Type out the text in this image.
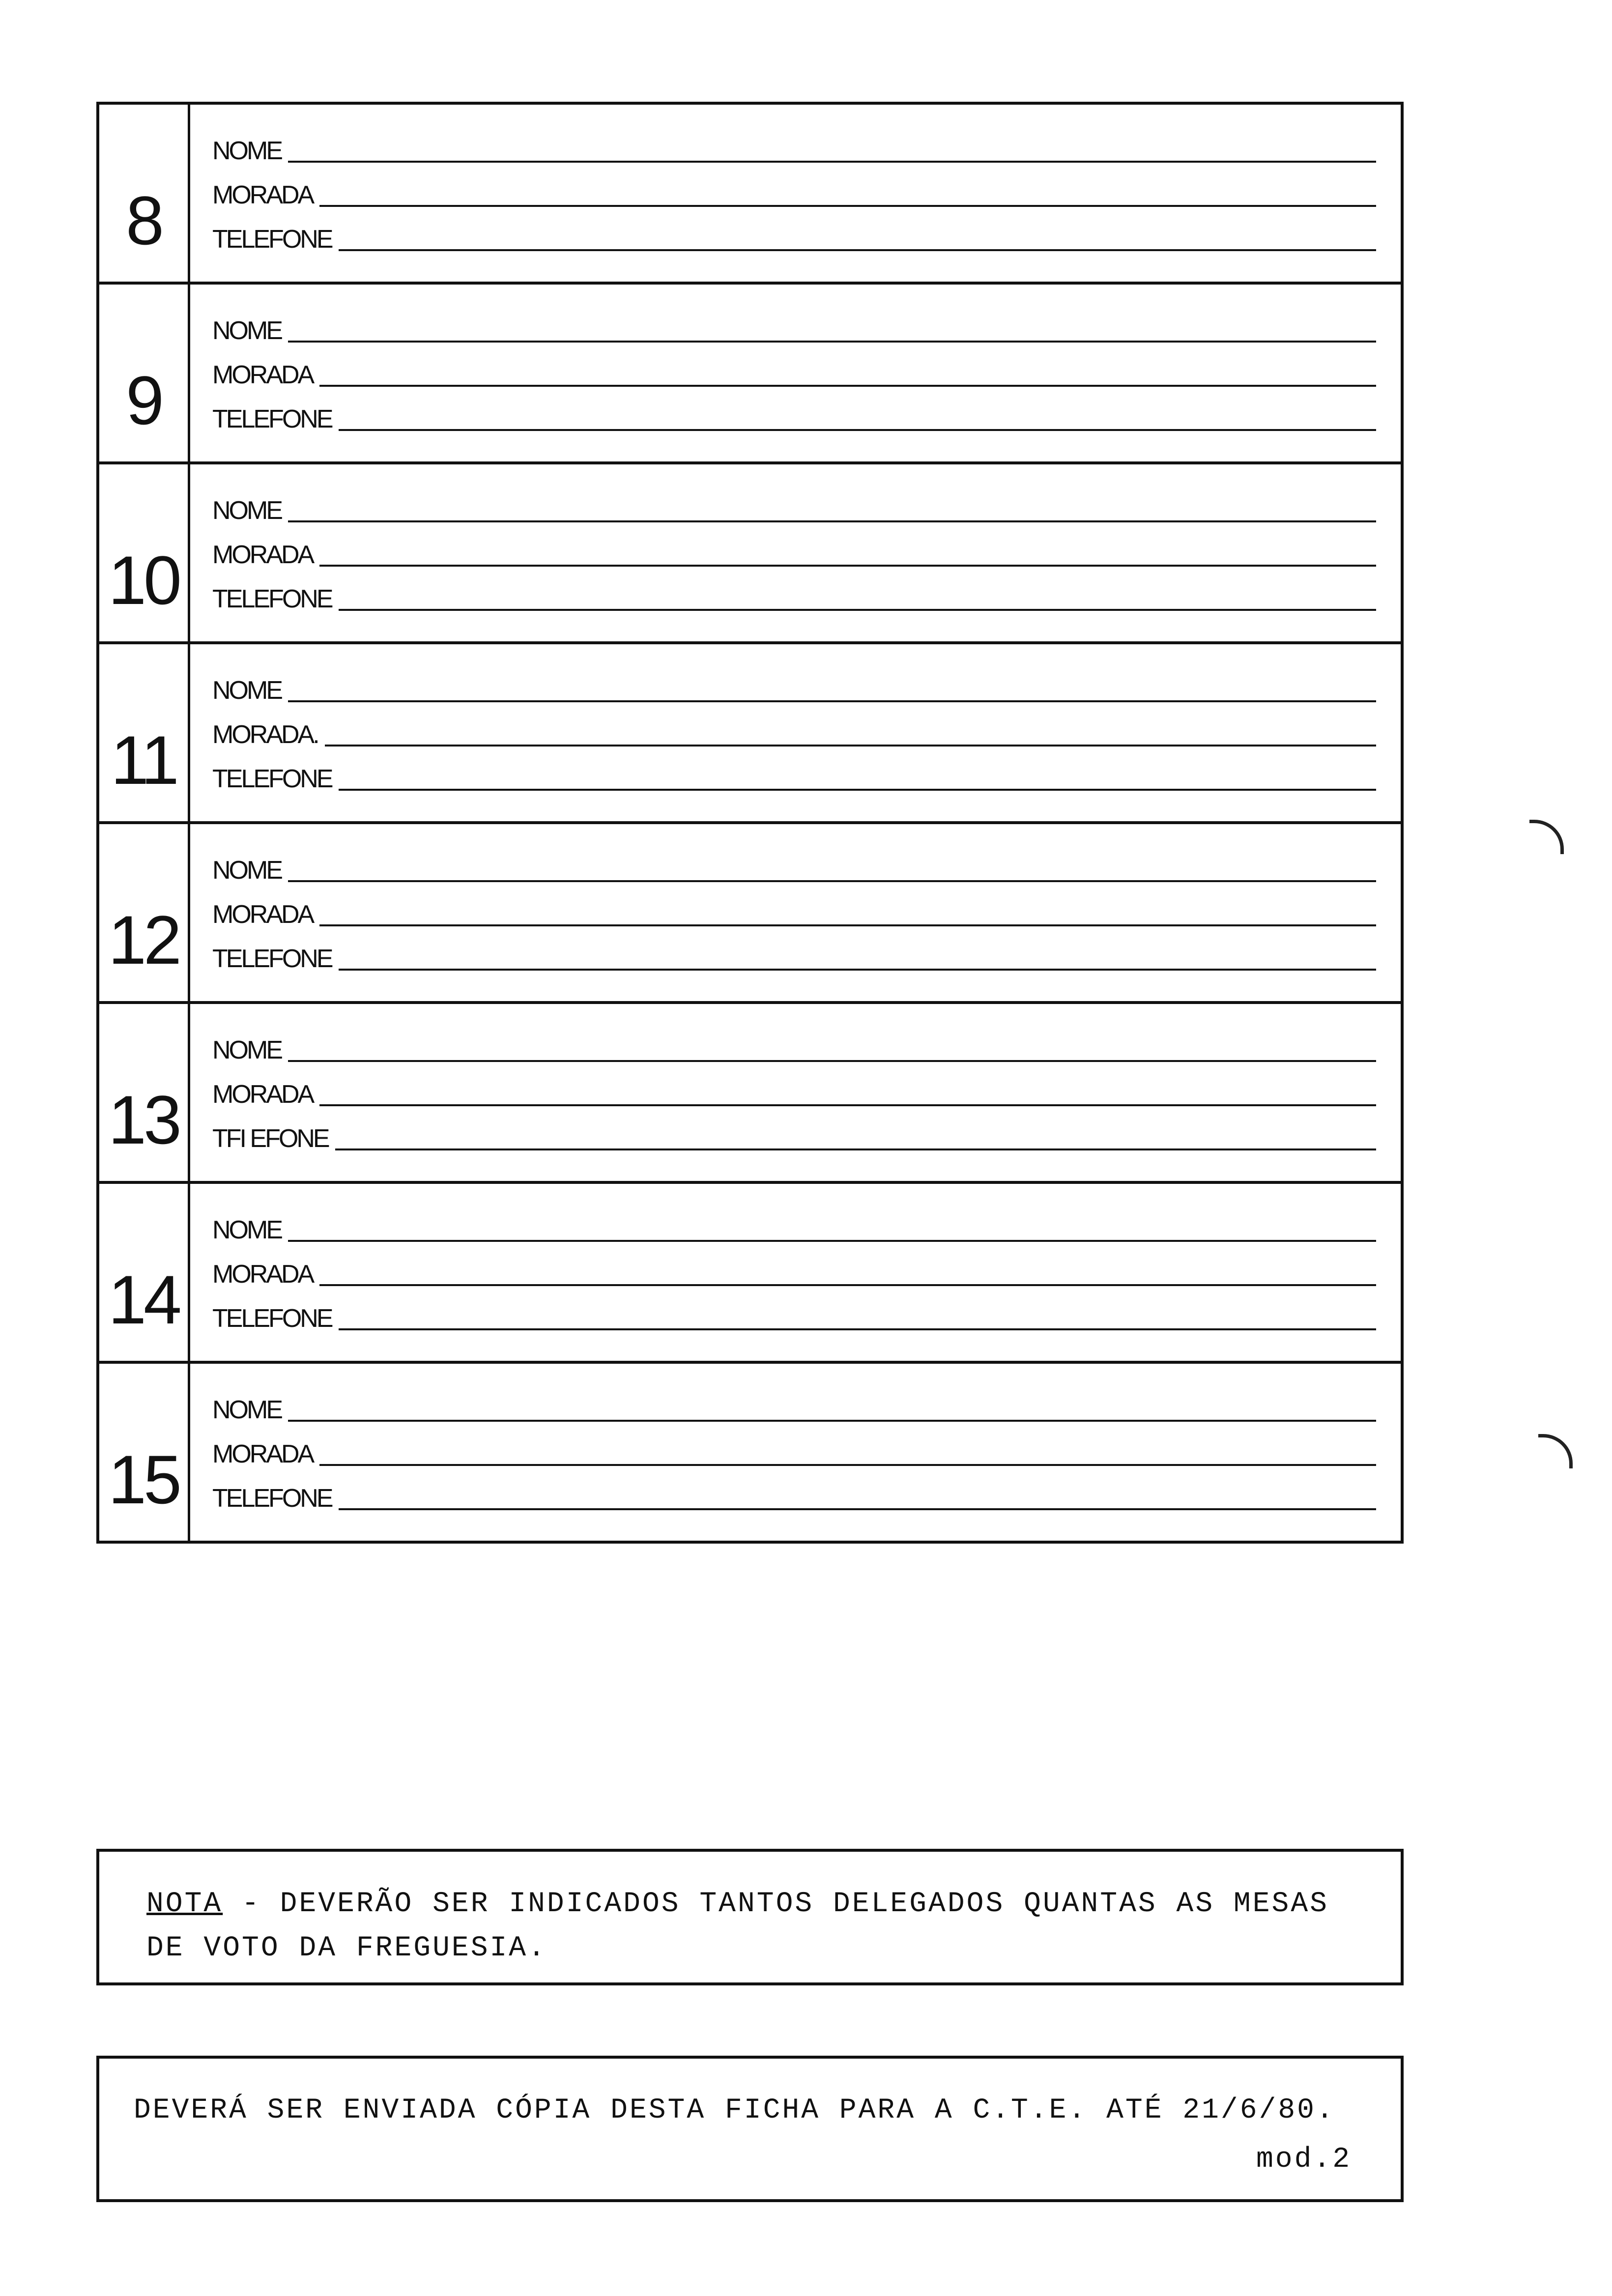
8
NOME
MORADA
TELEFONE
9
NOME
MORADA
TELEFONE
10
NOME
MORADA
TELEFONE
11
NOME
MORADA.
TELEFONE
12
NOME
MORADA
TELEFONE
13
NOME
MORADA
TFI EFONE
14
NOME
MORADA
TELEFONE
15
NOME
MORADA
TELEFONE
NOTA - DEVERÃO SER INDICADOS TANTOS DELEGADOS QUANTAS AS MESAS
DE VOTO DA FREGUESIA.
DEVERÁ SER ENVIADA CÓPIA DESTA FICHA PARA A C.T.E. ATÉ 21/6/80.
mod.2
